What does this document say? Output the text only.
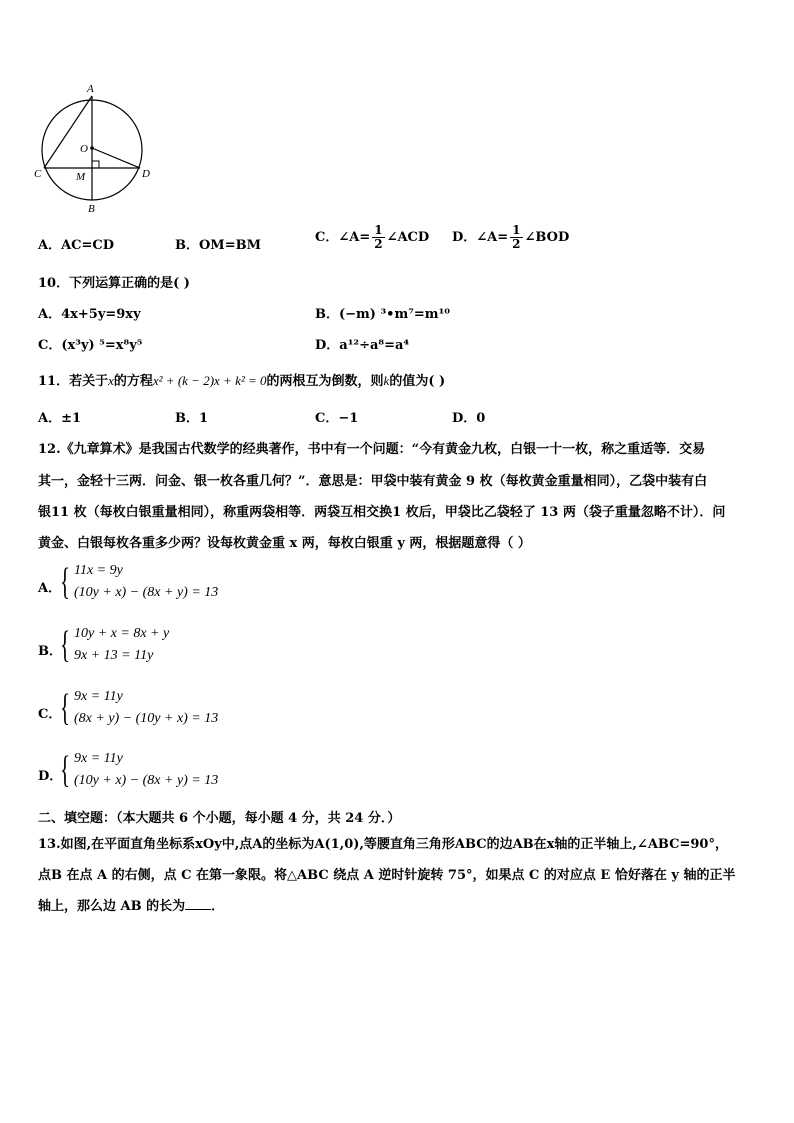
A
O
C	M	D
B
A．AC=CD	B．OM=BM
C．∠A= $\frac{1}{2}$ ∠ACD D．∠A= $\frac{1}{2}$ ∠BOD
10．下列运算正确的是( )
A．4x+5y=9xy	B．(−m) ³•m⁷=m¹⁰
C．(x³y) ⁵=x⁸y⁵	D．a¹²÷a⁸=a⁴
11．若关于x的方程x² + (k − 2)x + k² = 0的两根互为倒数，则k的值为( )
A．±1	B．1	C．−1	D．0
12.《九章算术》是我国古代数学的经典著作，书中有一个问题：“今有黄金九枚，白银一十一枚，称之重适等．交易
其一，金轻十三两．问金、银一枚各重几何？”．意思是：甲袋中装有黄金 9 枚（每枚黄金重量相同），乙袋中装有白
银11 枚（每枚白银重量相同），称重两袋相等．两袋互相交换1 枚后，甲袋比乙袋轻了 13 两（袋子重量忽略不计）．问
黄金、白银每枚各重多少两？设每枚黄金重 x 两，每枚白银重 y 两，根据题意得（ ）
A．
{ 11x = 9y
(10y + x) − (8x + y) = 13
B．
{ 10y + x = 8x + y
9x + 13 = 11y
C．
{ 9x = 11y
(8x + y) − (10y + x) = 13
D．
{ 9x = 11y
(10y + x) − (8x + y) = 13
二、填空题：（本大题共 6 个小题，每小题 4 分，共 24 分．）
13.如图,在平面直角坐标系xOy中,点A的坐标为A(1,0),等腰直角三角形ABC的边AB在x轴的正半轴上,∠ABC=90°，
点B 在点 A 的右侧，点 C 在第一象限。将△ABC 绕点 A 逆时针旋转 75°，如果点 C 的对应点 E 恰好落在 y 轴的正半
轴上，那么边 AB 的长为 ．
